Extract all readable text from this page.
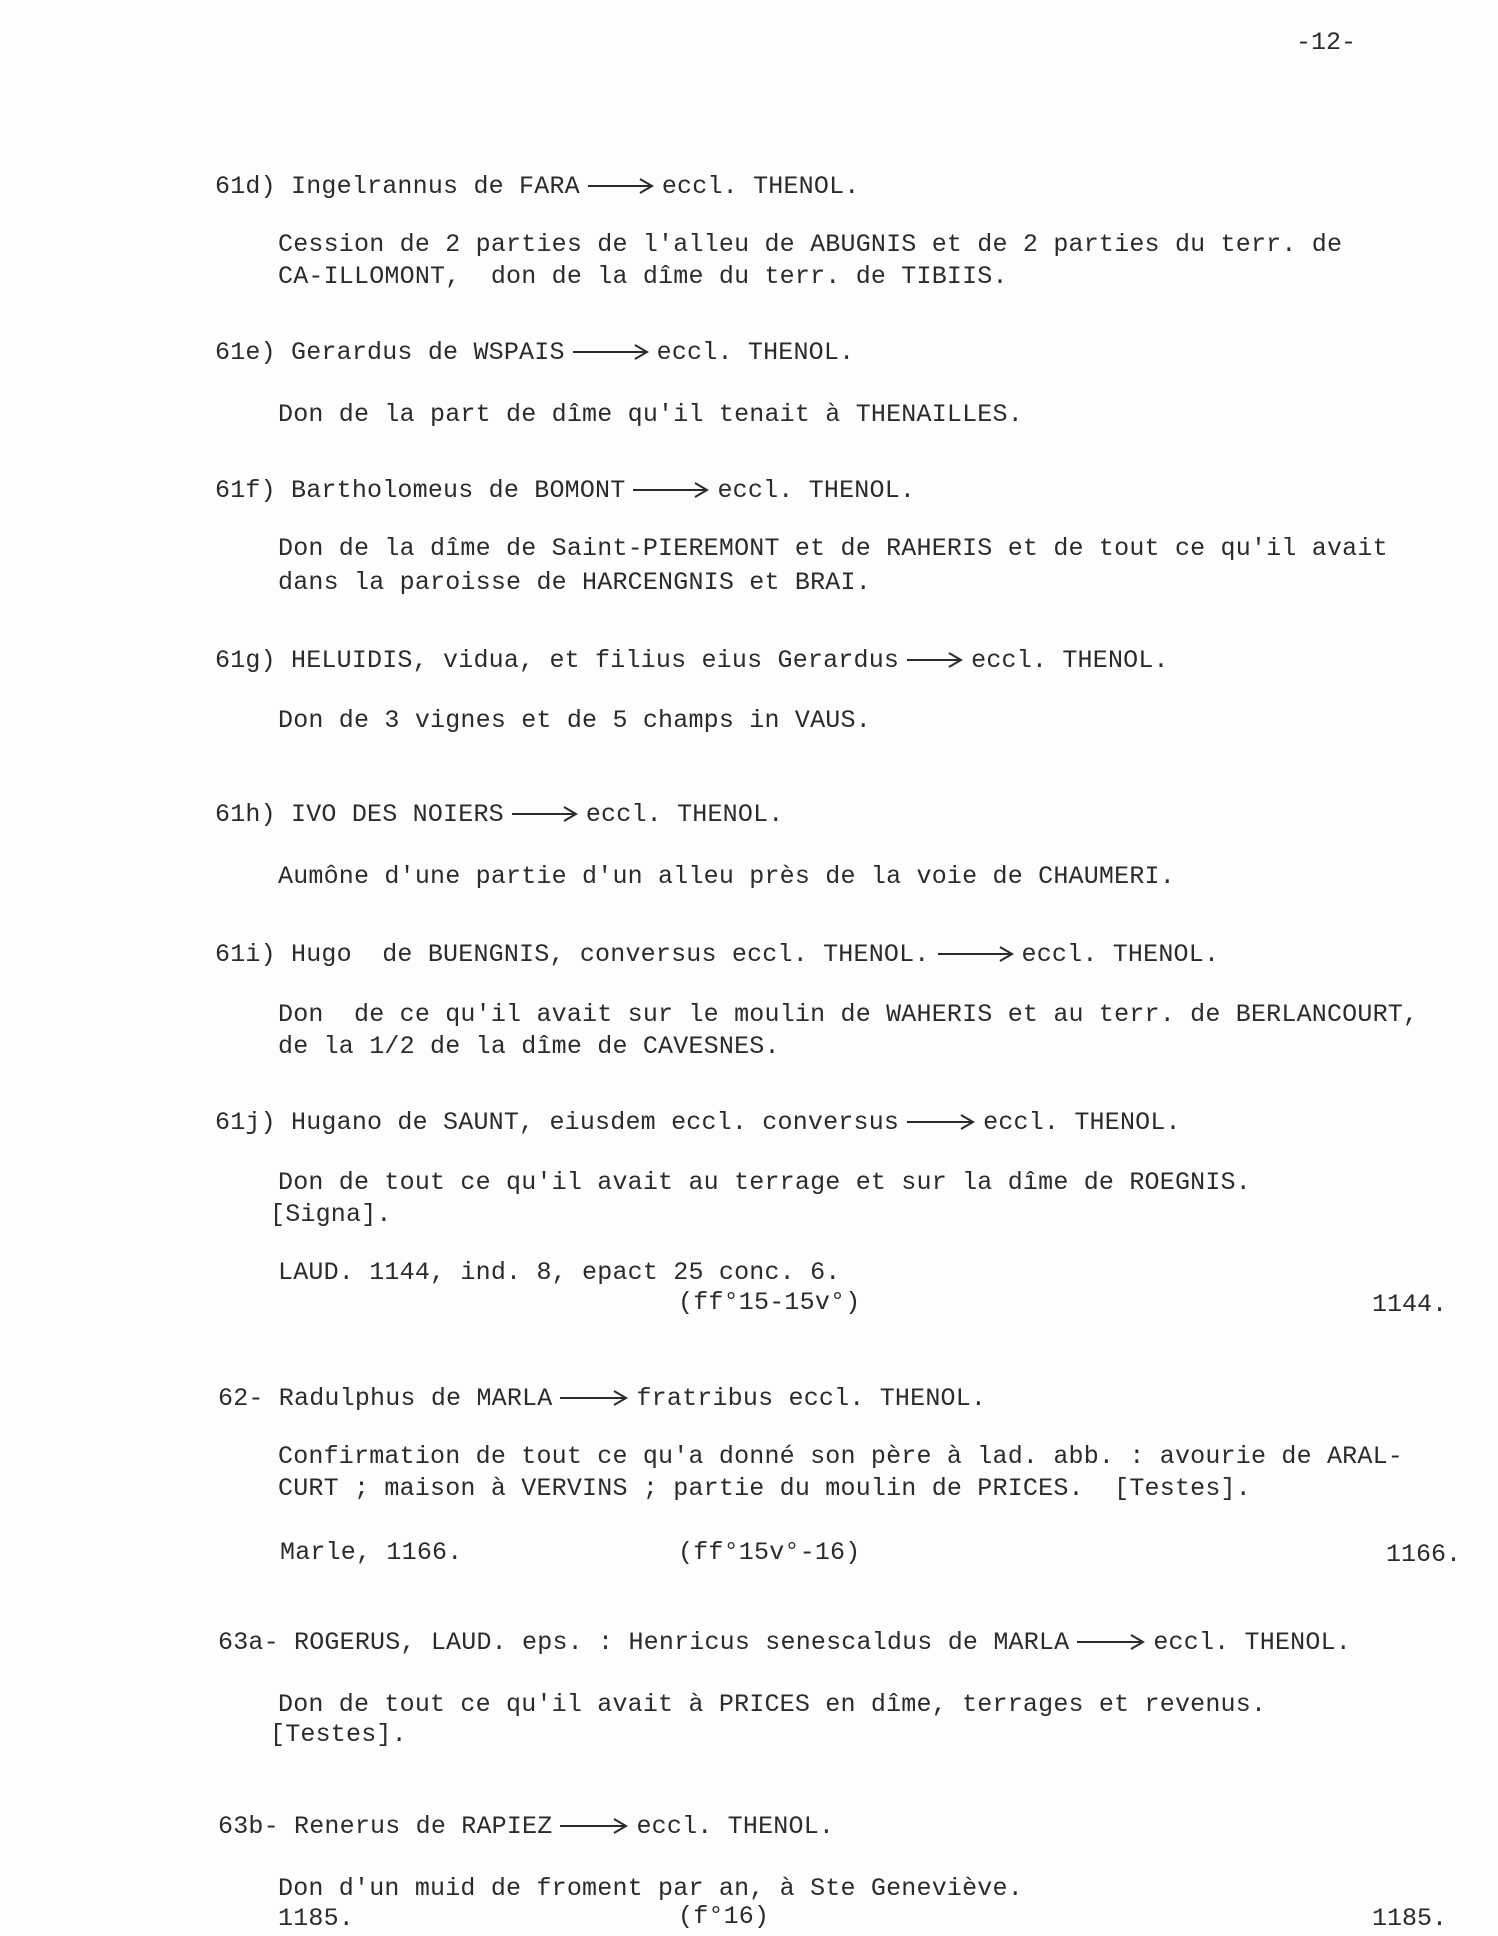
-12-
61d) Ingelrannus de FARA	eccl. THENOL.
Cession de 2 parties de l'alleu de ABUGNIS et de 2 parties du terr. de
CA-ILLOMONT,  don de la dîme du terr. de TIBIIS.
61e) Gerardus de WSPAIS	eccl. THENOL.
Don de la part de dîme qu'il tenait à THENAILLES.
61f) Bartholomeus de BOMONT	eccl. THENOL.
Don de la dîme de Saint-PIEREMONT et de RAHERIS et de tout ce qu'il avait
dans la paroisse de HARCENGNIS et BRAI.
61g) HELUIDIS, vidua, et filius eius Gerardus	eccl. THENOL.
Don de 3 vignes et de 5 champs in VAUS.
61h) IVO DES NOIERS	eccl. THENOL.
Aumône d'une partie d'un alleu près de la voie de CHAUMERI.
61i) Hugo  de BUENGNIS, conversus eccl. THENOL.	eccl. THENOL.
Don  de ce qu'il avait sur le moulin de WAHERIS et au terr. de BERLANCOURT,
de la 1/2 de la dîme de CAVESNES.
61j) Hugano de SAUNT, eiusdem eccl. conversus	eccl. THENOL.
Don de tout ce qu'il avait au terrage et sur la dîme de ROEGNIS.
[Signa].
LAUD. 1144, ind. 8, epact 25 conc. 6.
(ff°15-15v°)	1144.
62- Radulphus de MARLA	fratribus eccl. THENOL.
Confirmation de tout ce qu'a donné son père à lad. abb. : avourie de ARAL-
CURT ; maison à VERVINS ; partie du moulin de PRICES.  [Testes].
Marle, 1166.	(ff°15v°-16)	1166.
63a- ROGERUS, LAUD. eps. : Henricus senescaldus de MARLA	eccl. THENOL.
Don de tout ce qu'il avait à PRICES en dîme, terrages et revenus.
[Testes].
63b- Renerus de RAPIEZ	eccl. THENOL.
Don d'un muid de froment par an, à Ste Geneviève.
1185.	(f°16)	1185.
